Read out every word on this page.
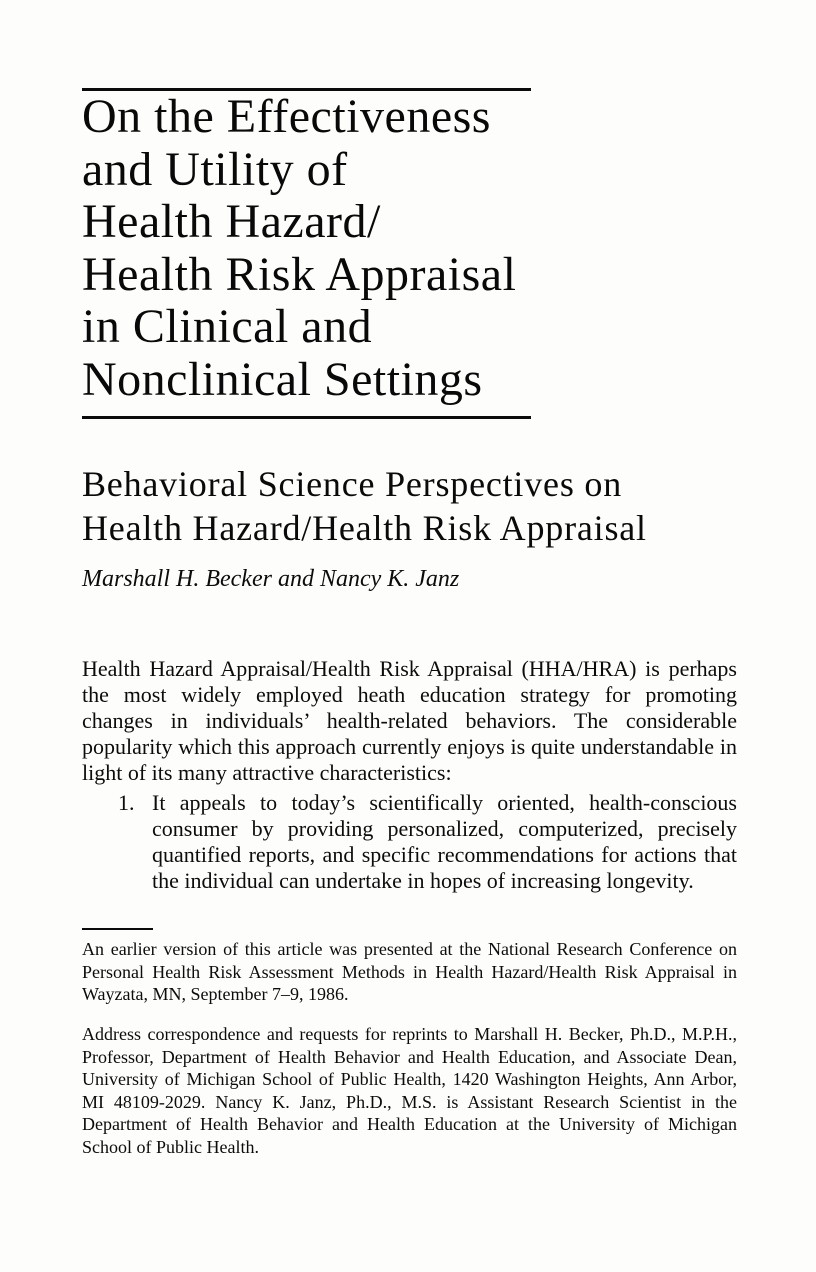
On the Effectiveness
and Utility of
Health Hazard/
Health Risk Appraisal
in Clinical and
Nonclinical Settings
Behavioral Science Perspectives on
Health Hazard/Health Risk Appraisal
Marshall H. Becker and Nancy K. Janz

Health Hazard Appraisal/Health Risk Appraisal (HHA/HRA) is perhaps the most widely employed heath education strategy for promoting changes in individuals’ health-related behaviors. The considerable popularity which this approach currently enjoys is quite understandable in light of its many attractive characteristics:

1. It appeals to today’s scientifically oriented, health-conscious consumer by providing personalized, computerized, precisely quantified reports, and specific recommendations for actions that the individual can undertake in hopes of increasing longevity.

An earlier version of this article was presented at the National Research Conference on Personal Health Risk Assessment Methods in Health Hazard/Health Risk Appraisal in Wayzata, MN, September 7–9, 1986.

Address correspondence and requests for reprints to Marshall H. Becker, Ph.D., M.P.H., Professor, Department of Health Behavior and Health Education, and Associate Dean, University of Michigan School of Public Health, 1420 Washington Heights, Ann Arbor, MI 48109-2029. Nancy K. Janz, Ph.D., M.S. is Assistant Research Scientist in the Department of Health Behavior and Health Education at the University of Michigan School of Public Health.
